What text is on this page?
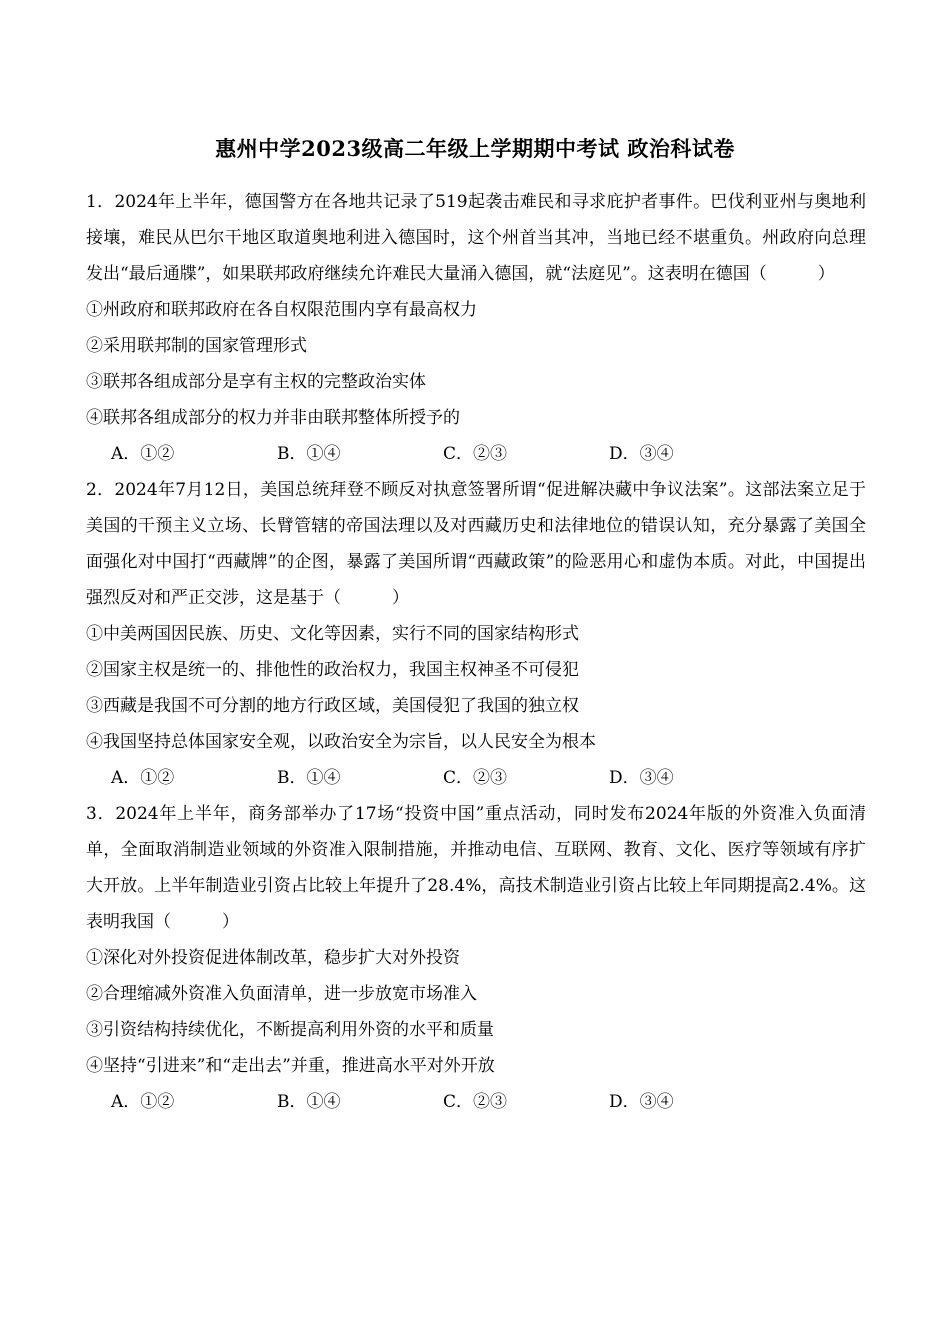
惠州中学2023级高二年级上学期期中考试 政治科试卷

1．2024年上半年，德国警方在各地共记录了519起袭击难民和寻求庇护者事件。巴伐利亚州与奥地利接壤，难民从巴尔干地区取道奥地利进入德国时，这个州首当其冲，当地已经不堪重负。州政府向总理发出“最后通牒”，如果联邦政府继续允许难民大量涌入德国，就“法庭见”。这表明在德国（　　　）

①州政府和联邦政府在各自权限范围内享有最高权力

②采用联邦制的国家管理形式

③联邦各组成部分是享有主权的完整政治实体

④联邦各组成部分的权力并非由联邦整体所授予的

A．①②	B．①④	C．②③	D．③④

2．2024年7月12日，美国总统拜登不顾反对执意签署所谓“促进解决藏中争议法案”。这部法案立足于美国的干预主义立场、长臂管辖的帝国法理以及对西藏历史和法律地位的错误认知，充分暴露了美国全面强化对中国打“西藏牌”的企图，暴露了美国所谓“西藏政策”的险恶用心和虚伪本质。对此，中国提出强烈反对和严正交涉，这是基于（　　　）

①中美两国因民族、历史、文化等因素，实行不同的国家结构形式

②国家主权是统一的、排他性的政治权力，我国主权神圣不可侵犯

③西藏是我国不可分割的地方行政区域，美国侵犯了我国的独立权

④我国坚持总体国家安全观，以政治安全为宗旨，以人民安全为根本

A．①②	B．①④	C．②③	D．③④

3．2024年上半年，商务部举办了17场“投资中国”重点活动，同时发布2024年版的外资准入负面清单，全面取消制造业领域的外资准入限制措施，并推动电信、互联网、教育、文化、医疗等领域有序扩大开放。上半年制造业引资占比较上年提升了28.4%，高技术制造业引资占比较上年同期提高2.4%。这表明我国（　　　）

①深化对外投资促进体制改革，稳步扩大对外投资

②合理缩减外资准入负面清单，进一步放宽市场准入

③引资结构持续优化，不断提高利用外资的水平和质量

④坚持“引进来”和“走出去”并重，推进高水平对外开放

A．①②	B．①④	C．②③	D．③④
